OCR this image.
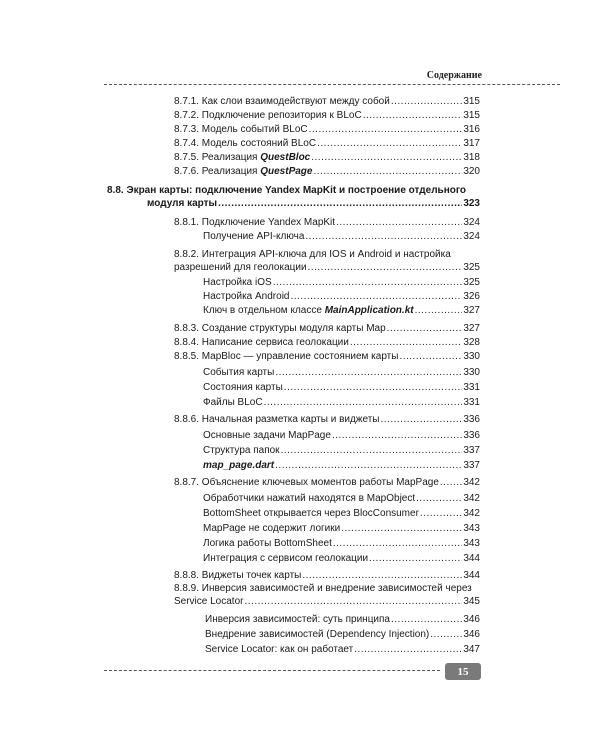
Содержание
8.7.1. Как слои взаимодействуют между собой .....	315
8.7.2. Подключение репозитория к BLoC .....	315
8.7.3. Модель событий BLoC .....	316
8.7.4. Модель состояний BLoC .....	317
8.7.5. Реализация QuestBloc .....	318
8.7.6. Реализация QuestPage .....	320
8.8. Экран карты: подключение Yandex MapKit и построение отдельного
модуля карты .....	323
8.8.1. Подключение Yandex MapKit .....	324
Получение API-ключа .....	324
8.8.2. Интеграция API-ключа для IOS и Android и настройка
разрешений для геолокации .....	325
Настройка iOS .....	325
Настройка Android .....	326
Ключ в отдельном классе MainApplication.kt .....	327
8.8.3. Создание структуры модуля карты Map .....	327
8.8.4. Написание сервиса геолокации .....	328
8.8.5. MapBloc — управление состоянием карты .....	330
События карты .....	330
Состояния карты .....	331
Файлы BLoC .....	331
8.8.6. Начальная разметка карты и виджеты .....	336
Основные задачи MapPage .....	336
Структура папок .....	337
map_page.dart .....	337
8.8.7. Объяснение ключевых моментов работы MapPage ..... 342
Обработчики нажатий находятся в MapObject .....	342
BottomSheet открывается через BlocConsumer .....	342
MapPage не содержит логики .....	343
Логика работы BottomSheet .....	343
Интеграция с сервисом геолокации .....	344
8.8.8. Виджеты точек карты .....	344
8.8.9. Инверсия зависимостей и внедрение зависимостей через
Service Locator .....	345
Инверсия зависимостей: суть принципа .....	346
Внедрение зависимостей (Dependency Injection) .....	346
Service Locator: как он работает .....	347
15
